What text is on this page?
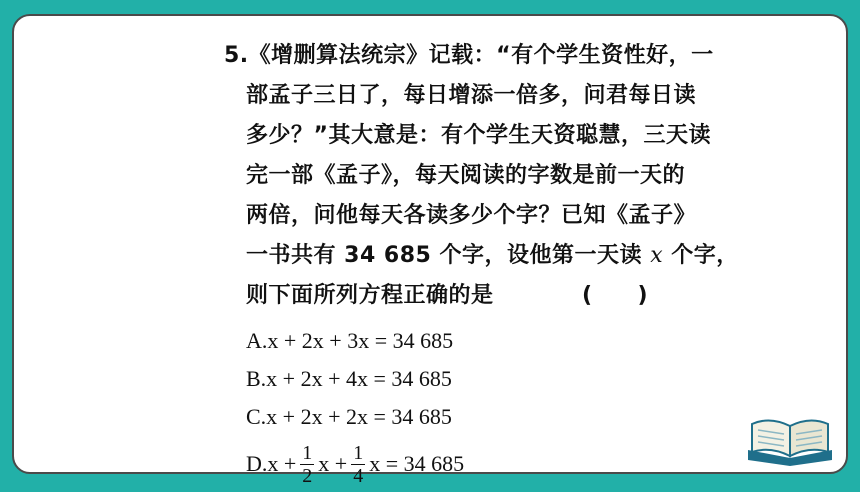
5.《增删算法统宗》记载：“有个学生资性好，一
部孟子三日了，每日增添一倍多，问君每日读
多少？”其大意是：有个学生天资聪慧，三天读
完一部《孟子》，每天阅读的字数是前一天的
两倍，问他每天各读多少个字？已知《孟子》
一书共有 34 685 个字，设他第一天读 x 个字，
则下面所列方程正确的是	(　　)
A.x + 2x + 3x = 34 685
B.x + 2x + 4x = 34 685
C.x + 2x + 2x = 34 685
$D.x + \frac{1}{2}$ $x + \frac{1}{4}$ x = 34 685
